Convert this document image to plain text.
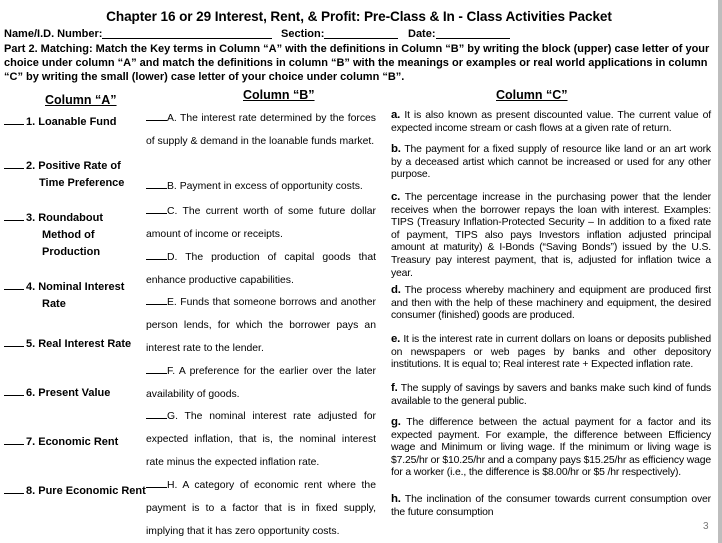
Chapter 16 or 29 Interest, Rent, & Profit: Pre-Class & In - Class Activities Packet
Name/I.D. Number:	Section:	Date:
Part 2. Matching: Match the Key terms in Column “A” with the definitions in Column “B” by writing the block (upper) case letter of your choice under column “A” and match the definitions in column “B” with the meanings or examples or real world applications in column “C” by writing the small (lower) case letter of your choice under column “B”.
Column “A”	Column “B”	Column “C”
1. Loanable Fund
2. Positive Rate of
Time Preference
3. Roundabout
Method of
Production
4. Nominal Interest
Rate
5. Real Interest Rate
6. Present Value
7. Economic Rent
8. Pure Economic Rent
A. The interest rate determined by the forces of supply & demand in the loanable funds market.
B. Payment in excess of opportunity costs.
C. The current worth of some future dollar amount of income or receipts.
D. The production of capital goods that enhance productive capabilities.
E. Funds that someone borrows and another person lends, for which the borrower pays an interest rate to the lender.
F. A preference for the earlier over the later availability of goods.
G. The nominal interest rate adjusted for expected inflation, that is, the nominal interest rate minus the expected inflation rate.
H. A category of economic rent where the payment is to a factor that is in fixed supply, implying that it has zero opportunity costs.
a. It is also known as present discounted value. The current value of expected income stream or cash flows at a given rate of return.
b. The payment for a fixed supply of resource like land or an art work by a deceased artist which cannot be increased or used for any other purpose.
c. The percentage increase in the purchasing power that the lender receives when the borrower repays the loan with interest. Examples: TIPS (Treasury Inflation-Protected Security – In addition to a fixed rate of payment, TIPS also pays Investors inflation adjusted principal amount at maturity) & I-Bonds (“Saving Bonds”) issued by the U.S. Treasury pay interest payment, that is, adjusted for inflation twice a year.
d. The process whereby machinery and equipment are produced first and then with the help of these machinery and equipment, the desired consumer (finished) goods are produced.
e. It is the interest rate in current dollars on loans or deposits published on newspapers or web pages by banks and other depository institutions. It is equal to; Real interest rate + Expected inflation rate.
f. The supply of savings by savers and banks make such kind of funds available to the general public.
g. The difference between the actual payment for a factor and its expected payment. For example, the difference between Efficiency wage and Minimum or living wage. If the minimum or living wage is $7.25/hr or $10.25/hr and a company pays $15.25/hr as efficiency wage for a worker (i.e., the difference is $8.00/hr or $5 /hr respectively).
h. The inclination of the consumer towards current consumption over the future consumption
3
